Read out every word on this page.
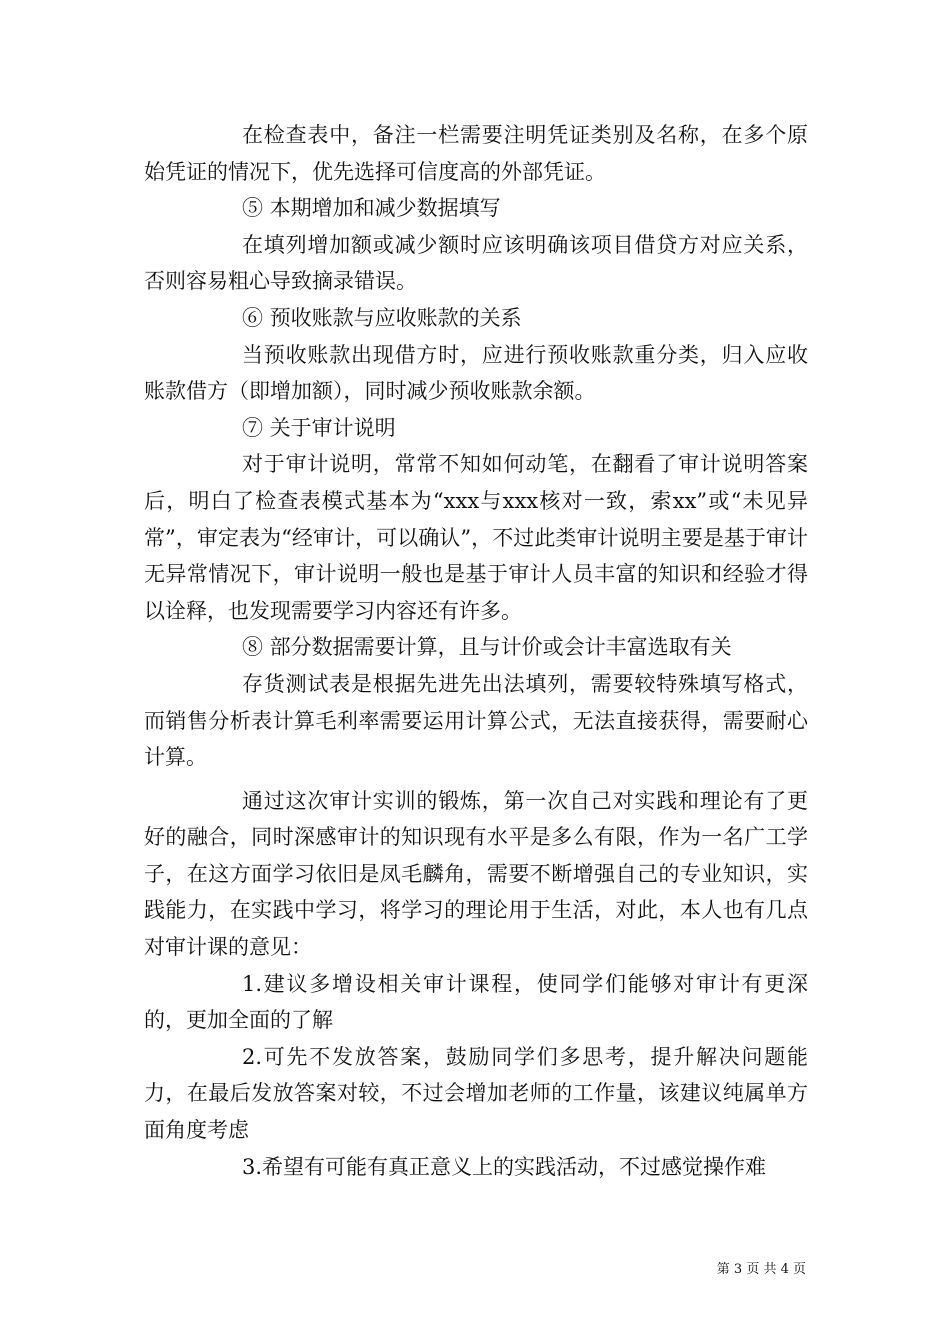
在检查表中，备注一栏需要注明凭证类别及名称，在多个原始凭证的情况下，优先选择可信度高的外部凭证。

⑤ 本期增加和减少数据填写

在填列增加额或减少额时应该明确该项目借贷方对应关系，否则容易粗心导致摘录错误。

⑥ 预收账款与应收账款的关系

当预收账款出现借方时，应进行预收账款重分类，归入应收账款借方（即增加额），同时减少预收账款余额。

⑦ 关于审计说明

对于审计说明，常常不知如何动笔，在翻看了审计说明答案后，明白了检查表模式基本为“xxx与xxx核对一致，索xx”或“未见异常”，审定表为“经审计，可以确认”，不过此类审计说明主要是基于审计无异常情况下，审计说明一般也是基于审计人员丰富的知识和经验才得以诠释，也发现需要学习内容还有许多。

⑧ 部分数据需要计算，且与计价或会计丰富选取有关

存货测试表是根据先进先出法填列，需要较特殊填写格式，而销售分析表计算毛利率需要运用计算公式，无法直接获得，需要耐心计算。

通过这次审计实训的锻炼，第一次自己对实践和理论有了更好的融合，同时深感审计的知识现有水平是多么有限，作为一名广工学子，在这方面学习依旧是凤毛麟角，需要不断增强自己的专业知识，实践能力，在实践中学习，将学习的理论用于生活，对此，本人也有几点对审计课的意见：

1.建议多增设相关审计课程，使同学们能够对审计有更深的，更加全面的了解

2.可先不发放答案，鼓励同学们多思考，提升解决问题能力，在最后发放答案对较，不过会增加老师的工作量，该建议纯属单方面角度考虑

3.希望有可能有真正意义上的实践活动，不过感觉操作难

第 3 页 共 4 页
